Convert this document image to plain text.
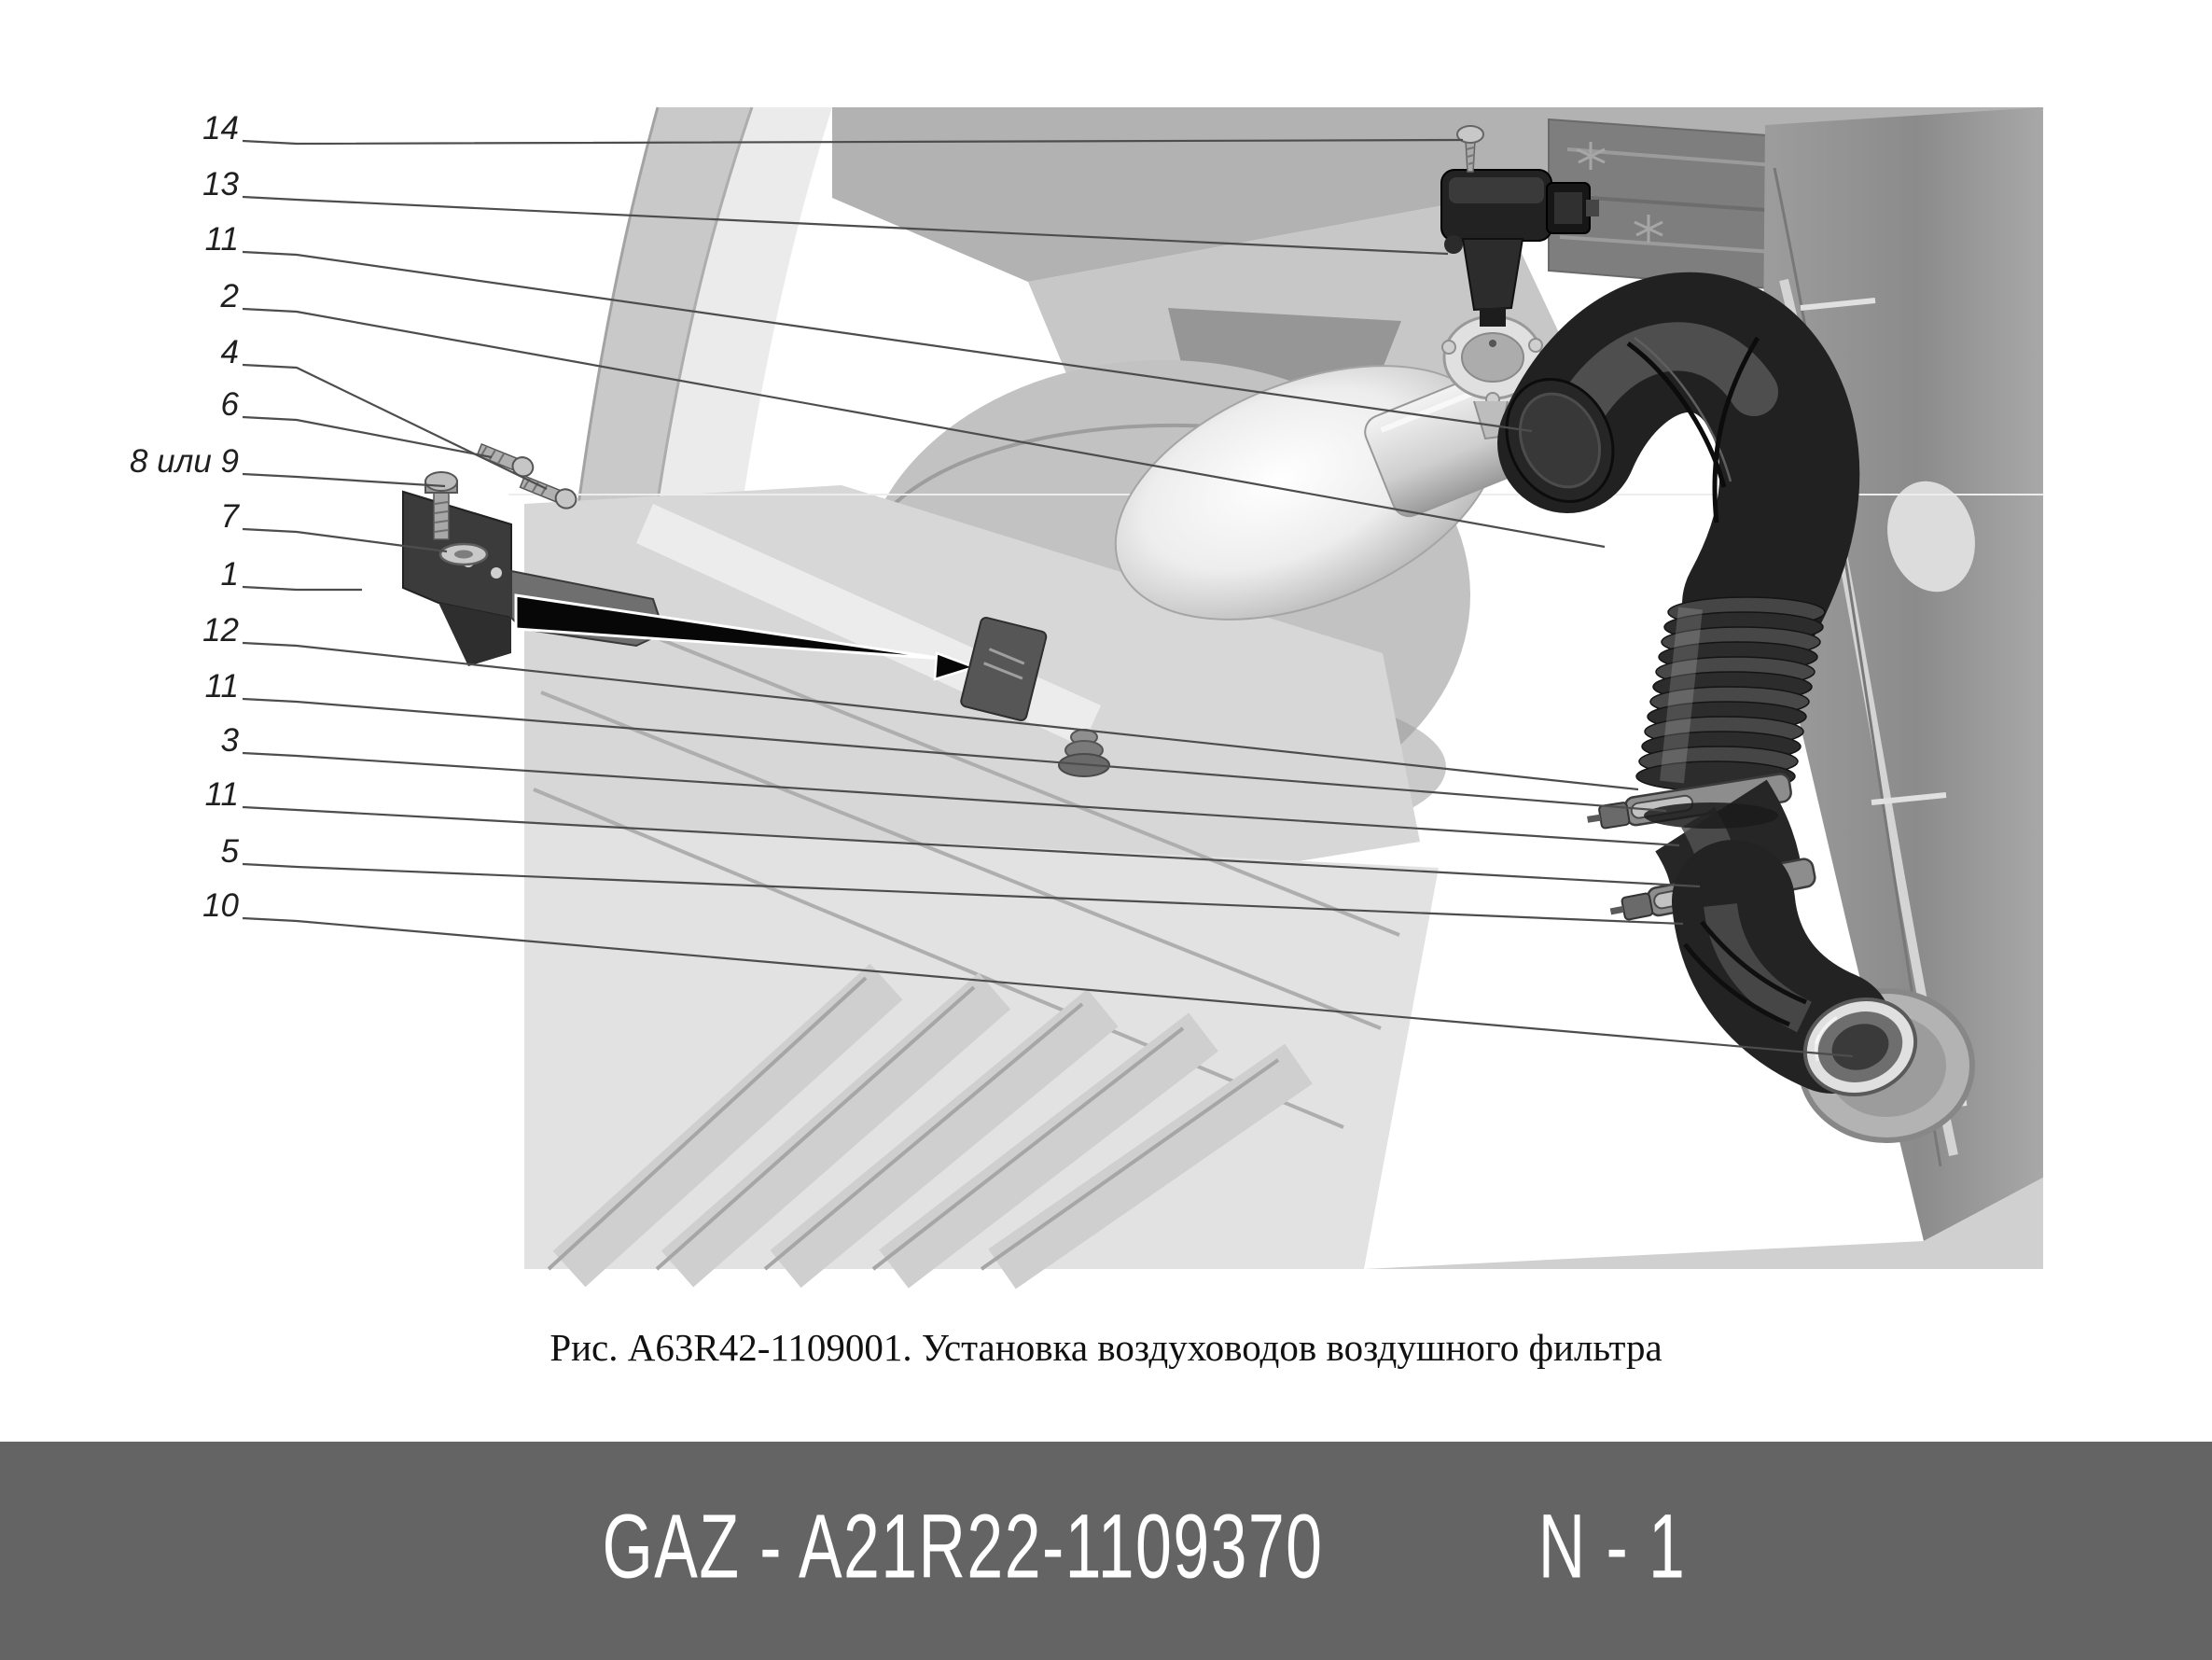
14
13
11
2
4
6
8 или 9
7
1
12
11
3
11
5
10
Рис. А63R42-1109001. Установка воздуховодов воздушного фильтра
GAZ - A21R22-1109370 N - 1
